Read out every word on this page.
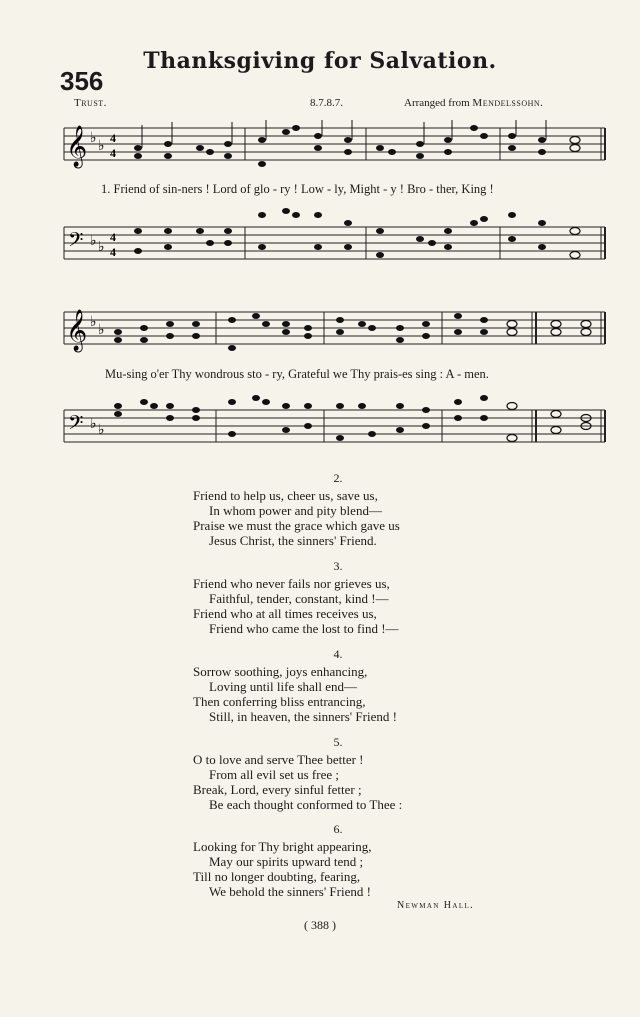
Thanksgiving for Salvation.
356
Trust.	8.7.8.7.	Arranged from Mendelssohn.
𝄞 ♭ ♭ 4
4
1. Friend of sin-ners ! Lord of glo - ry ! Low - ly, Might - y ! Bro - ther, King !
𝄢 ♭ ♭
4
4
𝄞 ♭ ♭
Mu-sing o'er Thy wondrous sto - ry, Grateful we Thy prais-es sing : A - men.
𝄢 ♭ ♭
2.
Friend to help us, cheer us, save us,
In whom power and pity blend—
Praise we must the grace which gave us
Jesus Christ, the sinners' Friend.
3.
Friend who never fails nor grieves us,
Faithful, tender, constant, kind !—
Friend who at all times receives us,
Friend who came the lost to find !—
4.
Sorrow soothing, joys enhancing,
Loving until life shall end—
Then conferring bliss entrancing,
Still, in heaven, the sinners' Friend !
5.
O to love and serve Thee better !
From all evil set us free ;
Break, Lord, every sinful fetter ;
Be each thought conformed to Thee :
6.
Looking for Thy bright appearing,
May our spirits upward tend ;
Till no longer doubting, fearing,
We behold the sinners' Friend !
Newman Hall.
( 388 )
